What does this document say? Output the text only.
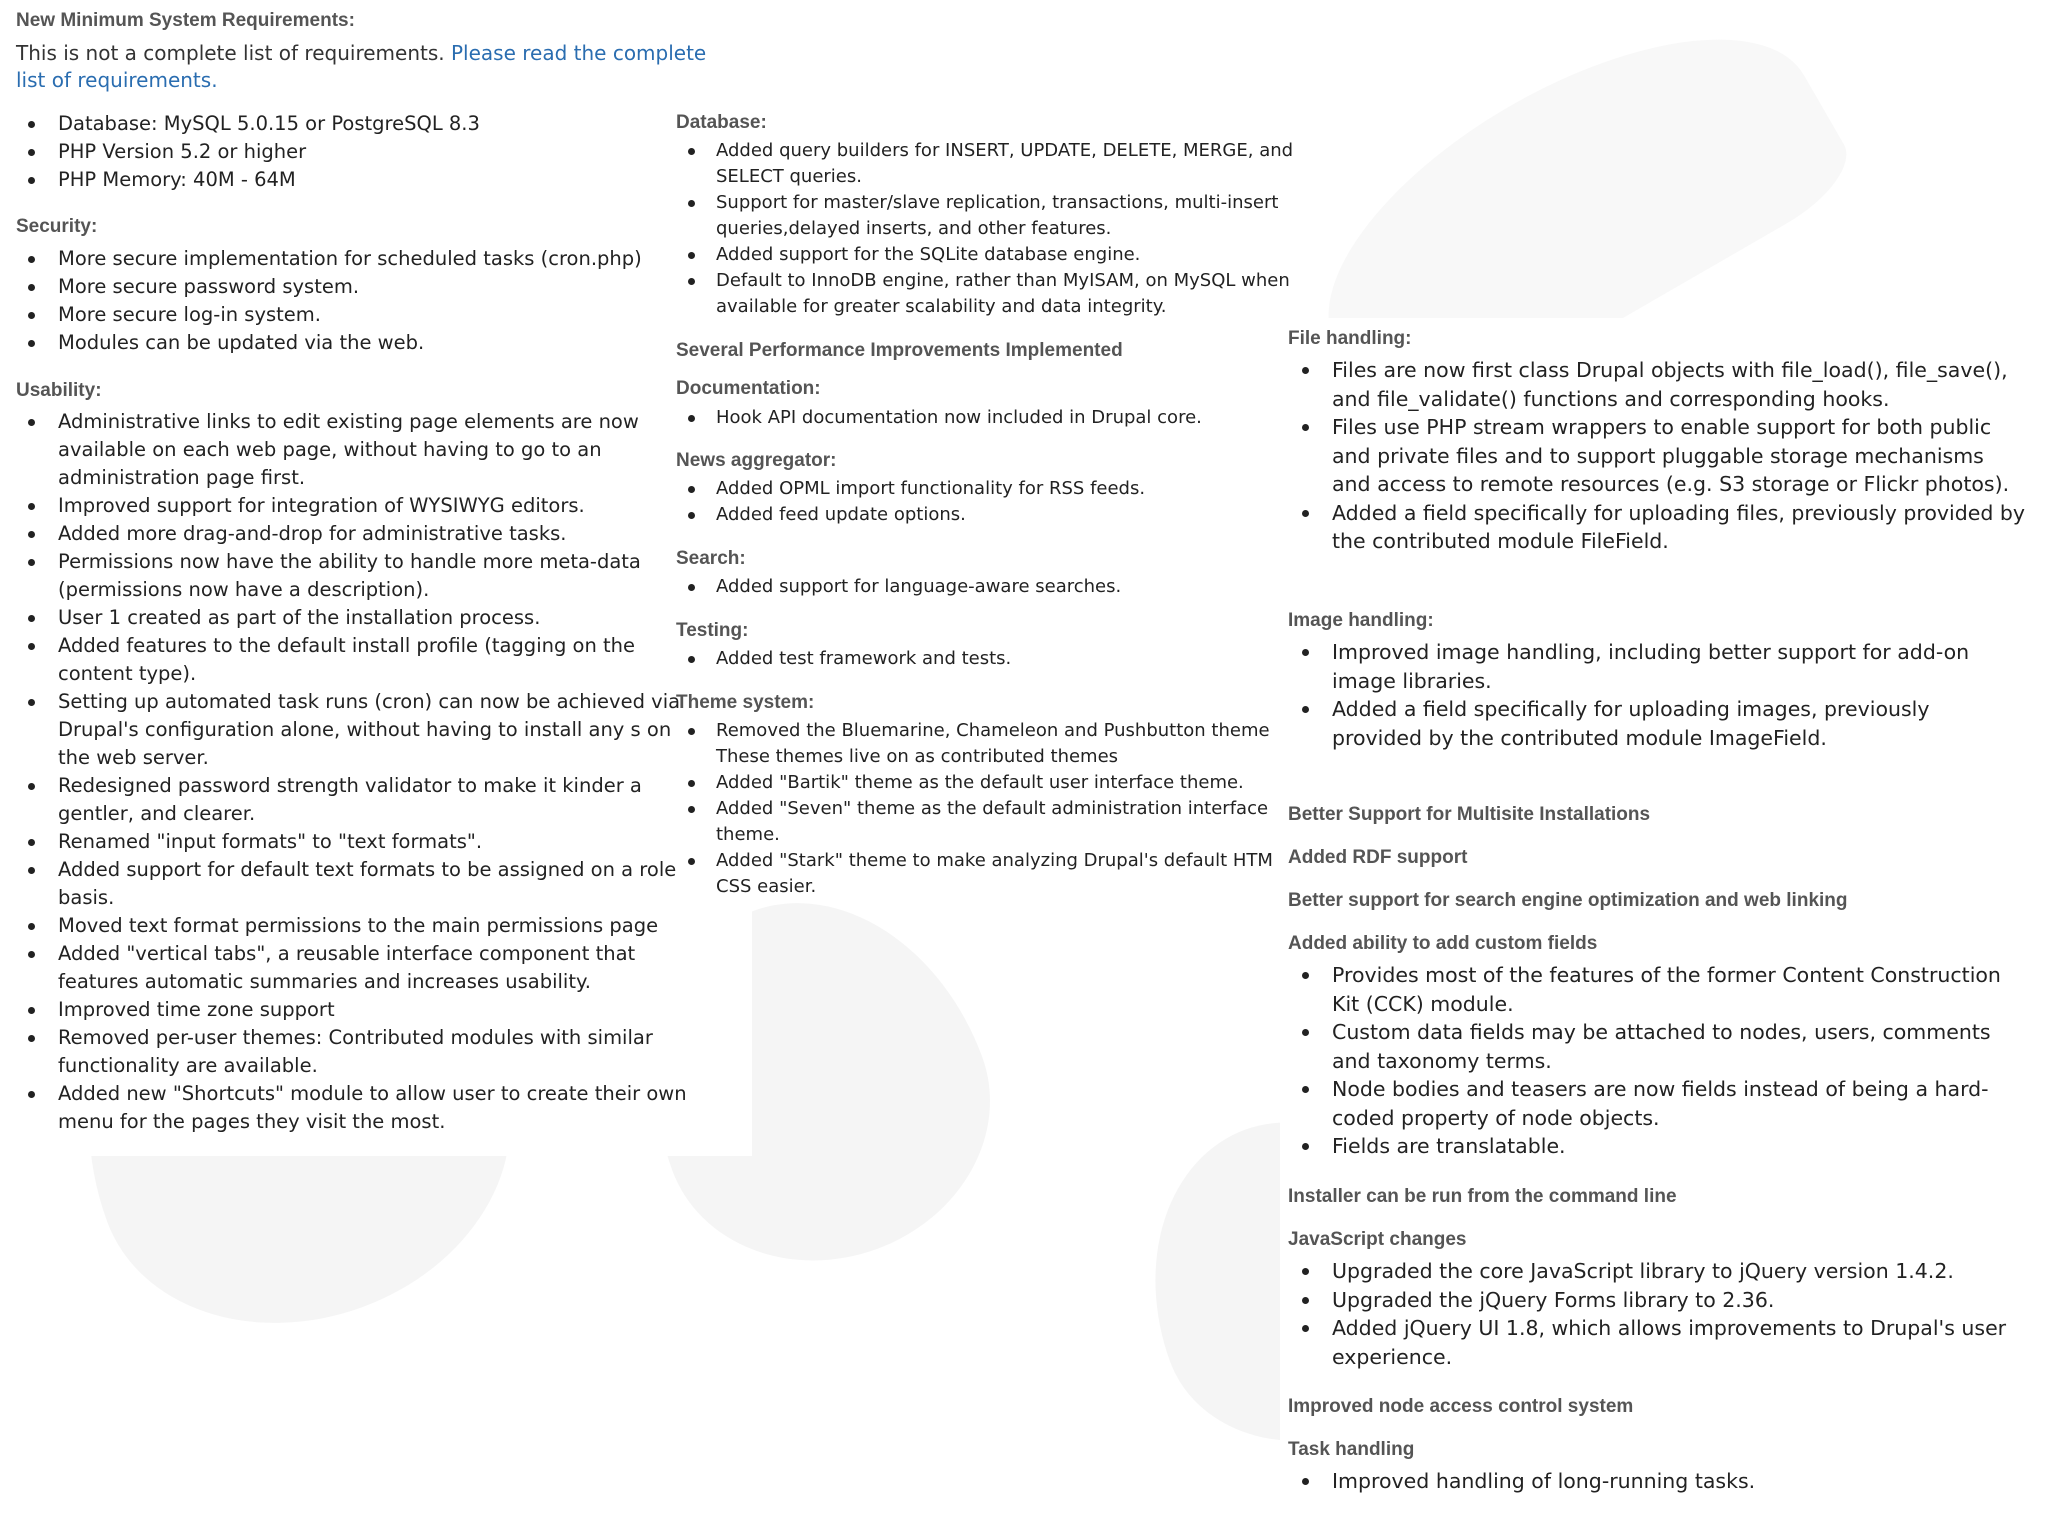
New Minimum System Requirements:

This is not a complete list of requirements. Please read the complete list of requirements.

Database: MySQL 5.0.15 or PostgreSQL 8.3
PHP Version 5.2 or higher
PHP Memory: 40M - 64M
Security:
More secure implementation for scheduled tasks (cron.php)
More secure password system.
More secure log-in system.
Modules can be updated via the web.
Usability:
Administrative links to edit existing page elements are now available on each web page, without having to go to an administration page first.
Improved support for integration of WYSIWYG editors.
Added more drag-and-drop for administrative tasks.
Permissions now have the ability to handle more meta-data (permissions now have a description).
User 1 created as part of the installation process.
Added features to the default install profile (tagging on the content type).
Setting up automated task runs (cron) can now be achieved via Drupal's configuration alone, without having to install any s on the web server.
Redesigned password strength validator to make it kinder a gentler, and clearer.
Renamed "input formats" to "text formats".
Added support for default text formats to be assigned on a role basis.
Moved text format permissions to the main permissions page
Added "vertical tabs", a reusable interface component that features automatic summaries and increases usability.
Improved time zone support
Removed per-user themes: Contributed modules with similar functionality are available.
Added new "Shortcuts" module to allow user to create their own menu for the pages they visit the most.
Database:
Added query builders for INSERT, UPDATE, DELETE, MERGE, and SELECT queries.
Support for master/slave replication, transactions, multi-insert queries,delayed inserts, and other features.
Added support for the SQLite database engine.
Default to InnoDB engine, rather than MyISAM, on MySQL when available for greater scalability and data integrity.
Several Performance Improvements Implemented
Documentation:
Hook API documentation now included in Drupal core.
News aggregator:
Added OPML import functionality for RSS feeds.
Added feed update options.
Search:
Added support for language-aware searches.
Testing:
Added test framework and tests.
Theme system:
Removed the Bluemarine, Chameleon and Pushbutton theme These themes live on as contributed themes
Added "Bartik" theme as the default user interface theme.
Added "Seven" theme as the default administration interface theme.
Added "Stark" theme to make analyzing Drupal's default HTM CSS easier.
File handling:
Files are now first class Drupal objects with file_load(), file_save(), and file_validate() functions and corresponding hooks.
Files use PHP stream wrappers to enable support for both public and private files and to support pluggable storage mechanisms and access to remote resources (e.g. S3 storage or Flickr photos).
Added a field specifically for uploading files, previously provided by the contributed module FileField.
Image handling:
Improved image handling, including better support for add-on image libraries.
Added a field specifically for uploading images, previously provided by the contributed module ImageField.
Better Support for Multisite Installations
Added RDF support
Better support for search engine optimization and web linking
Added ability to add custom fields
Provides most of the features of the former Content Construction Kit (CCK) module.
Custom data fields may be attached to nodes, users, comments and taxonomy terms.
Node bodies and teasers are now fields instead of being a hard-coded property of node objects.
Fields are translatable.
Installer can be run from the command line
JavaScript changes
Upgraded the core JavaScript library to jQuery version 1.4.2.
Upgraded the jQuery Forms library to 2.36.
Added jQuery UI 1.8, which allows improvements to Drupal's user experience.
Improved node access control system
Task handling
Improved handling of long-running tasks.
